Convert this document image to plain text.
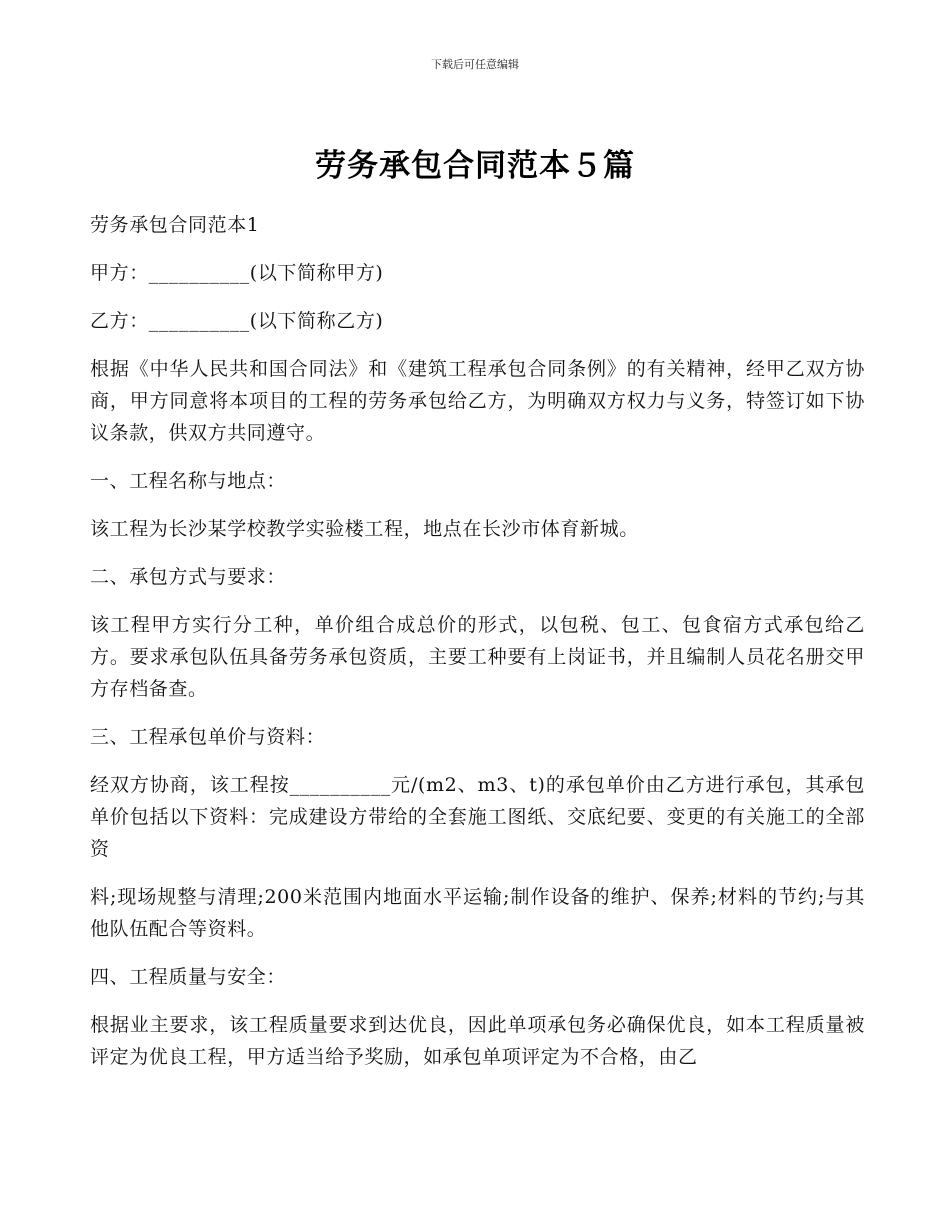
下载后可任意编辑
劳务承包合同范本５篇

劳务承包合同范本1

甲方：__________(以下简称甲方)

乙方：__________(以下简称乙方)

根据《中华人民共和国合同法》和《建筑工程承包合同条例》的有关精神，经甲乙双方协商，甲方同意将本项目的工程的劳务承包给乙方，为明确双方权力与义务，特签订如下协议条款，供双方共同遵守。

一、工程名称与地点：

该工程为长沙某学校教学实验楼工程，地点在长沙市体育新城。

二、承包方式与要求：

该工程甲方实行分工种，单价组合成总价的形式，以包税、包工、包食宿方式承包给乙方。要求承包队伍具备劳务承包资质，主要工种要有上岗证书，并且编制人员花名册交甲方存档备查。

三、工程承包单价与资料：

经双方协商，该工程按__________元/(m2、m3、t)的承包单价由乙方进行承包，其承包单价包括以下资料：完成建设方带给的全套施工图纸、交底纪要、变更的有关施工的全部资

料;现场规整与清理;200米范围内地面水平运输;制作设备的维护、保养;材料的节约;与其他队伍配合等资料。

四、工程质量与安全：

根据业主要求，该工程质量要求到达优良，因此单项承包务必确保优良，如本工程质量被评定为优良工程，甲方适当给予奖励，如承包单项评定为不合格，由乙
